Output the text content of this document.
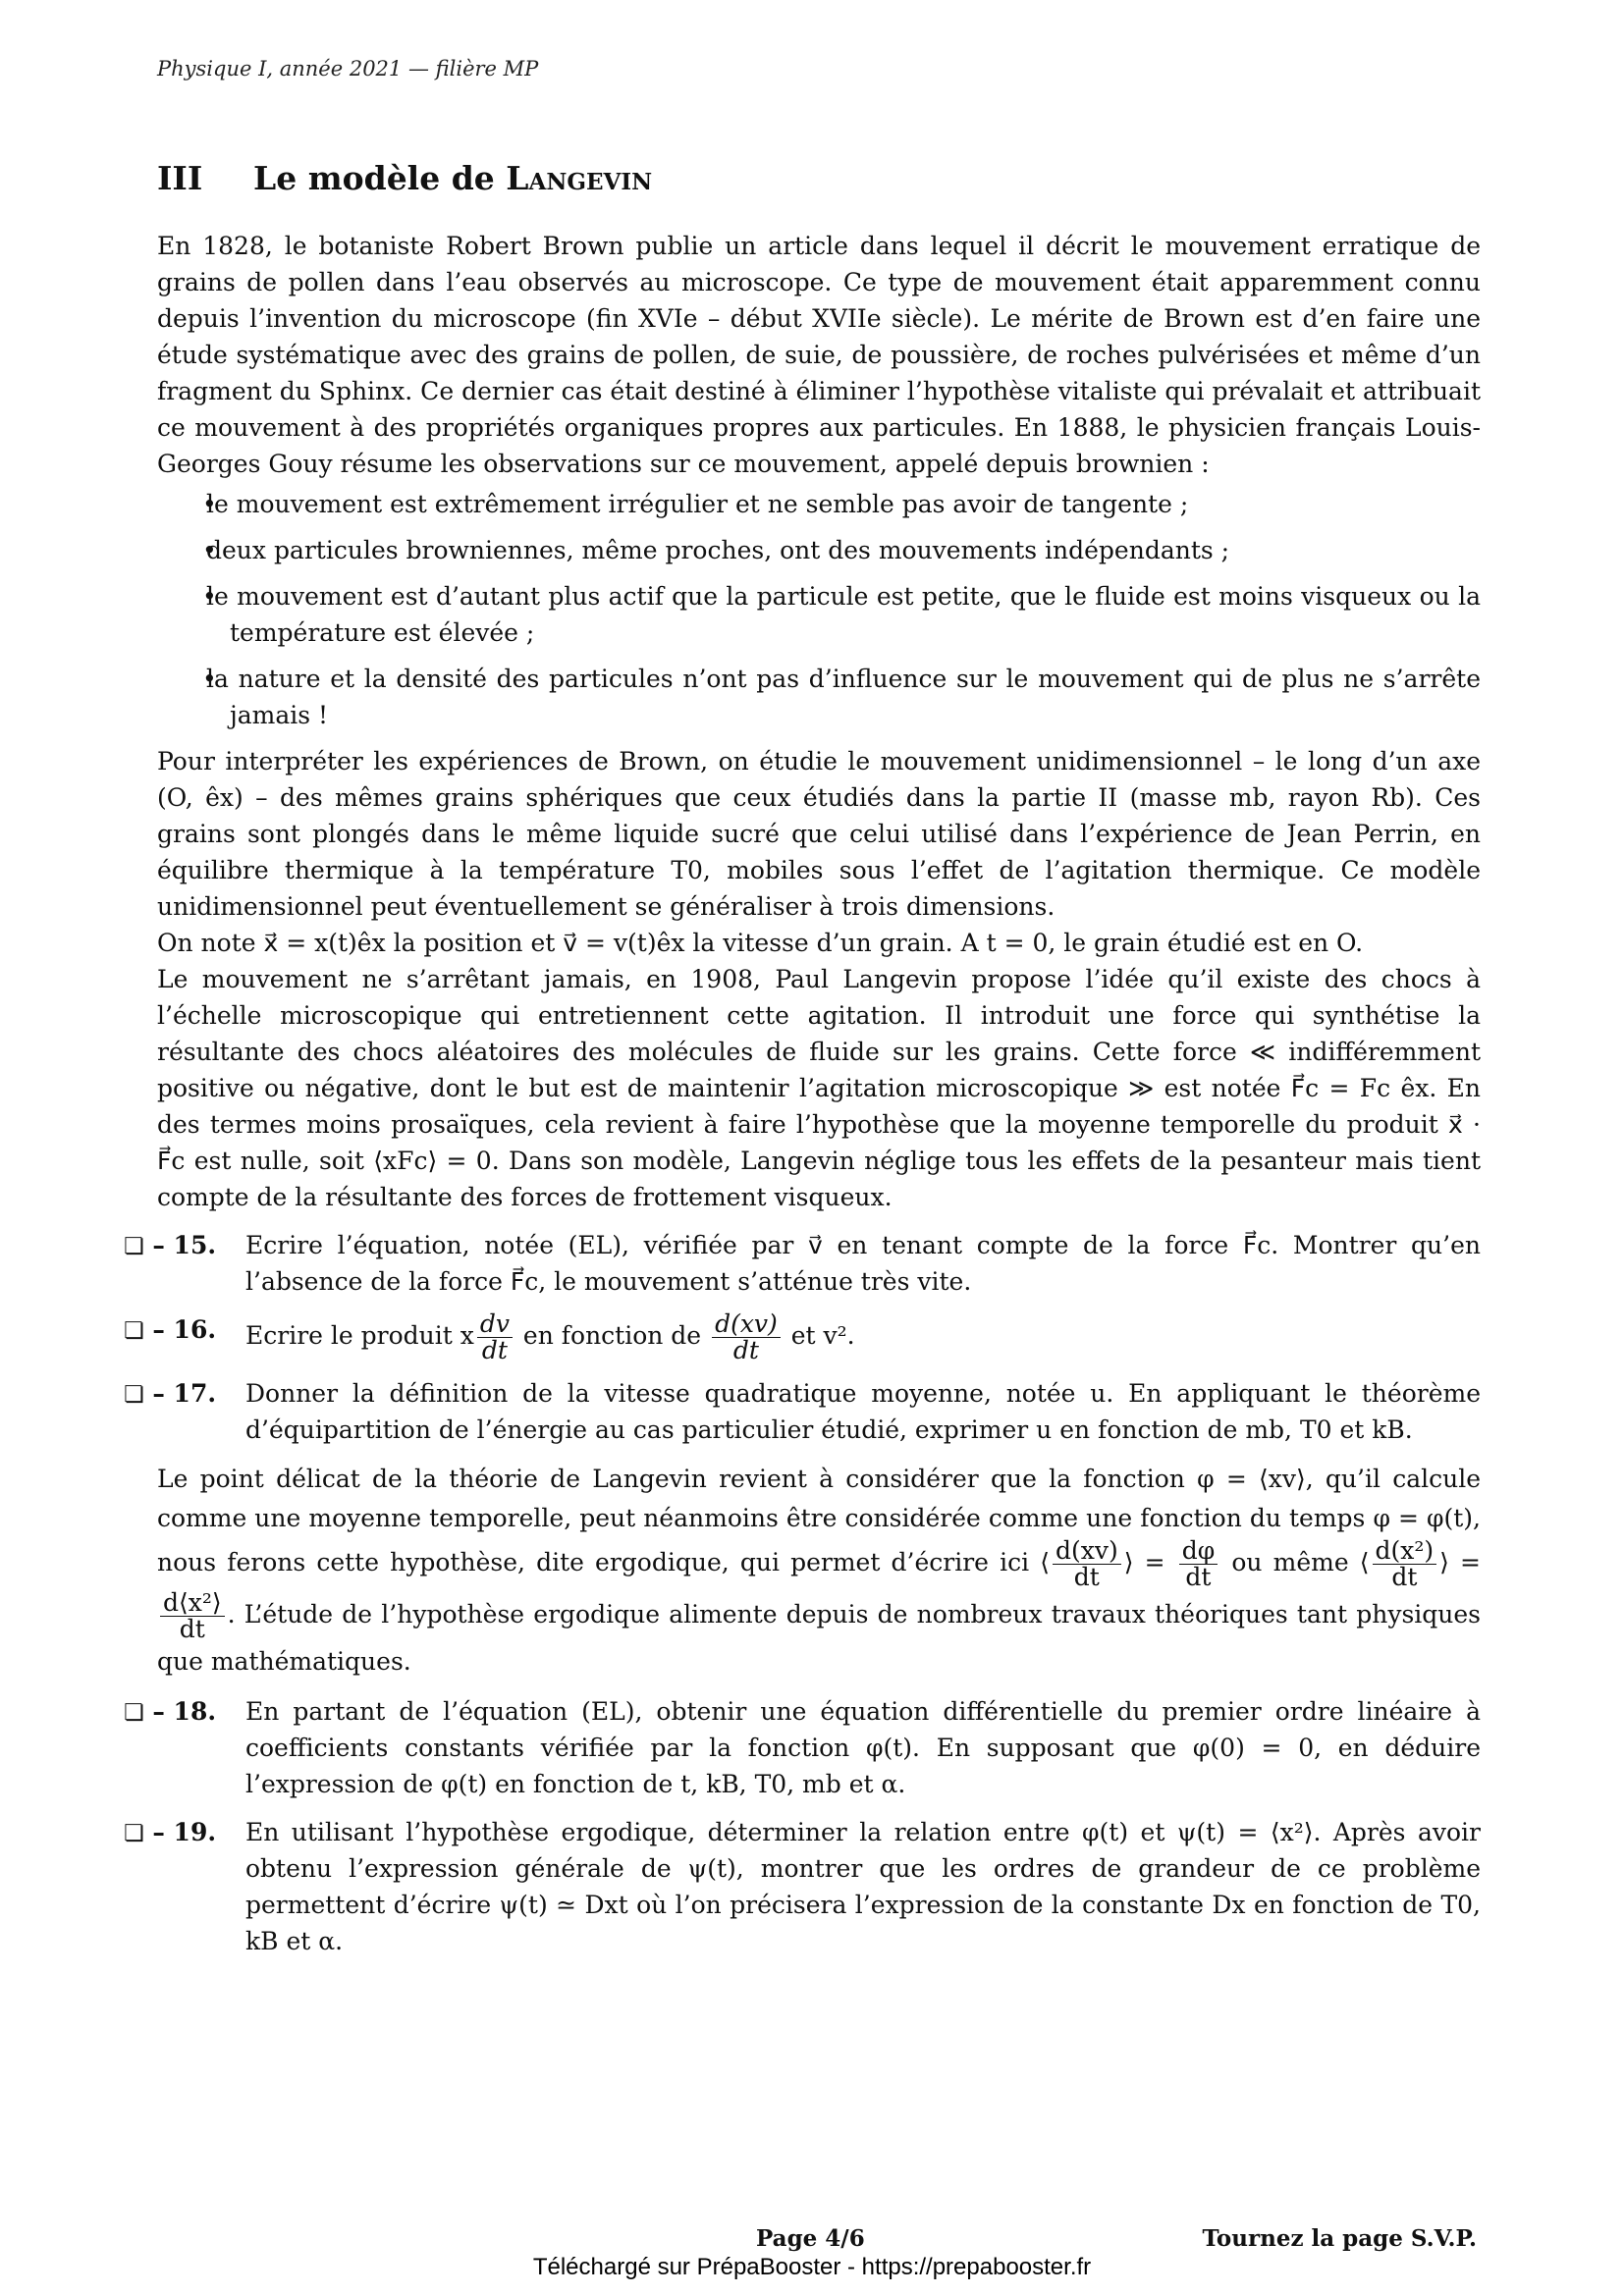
Physique I, année 2021 — filière MP
III Le modèle de Langevin

En 1828, le botaniste Robert Brown publie un article dans lequel il décrit le mouvement erratique de grains de pollen dans l’eau observés au microscope. Ce type de mouvement était apparemment connu depuis l’invention du microscope (fin XVIe – début XVIIe siècle). Le mérite de Brown est d’en faire une étude systématique avec des grains de pollen, de suie, de poussière, de roches pulvérisées et même d’un fragment du Sphinx. Ce dernier cas était destiné à éliminer l’hypothèse vitaliste qui prévalait et attribuait ce mouvement à des propriétés organiques propres aux particules. En 1888, le physicien français Louis-Georges Gouy résume les observations sur ce mouvement, appelé depuis brownien :

• le mouvement est extrêmement irrégulier et ne semble pas avoir de tangente ;
• deux particules browniennes, même proches, ont des mouvements indépendants ;
• le mouvement est d’autant plus actif que la particule est petite, que le fluide est moins visqueux ou la température est élevée ;
• la nature et la densité des particules n’ont pas d’influence sur le mouvement qui de plus ne s’arrête jamais !

Pour interpréter les expériences de Brown, on étudie le mouvement unidimensionnel – le long d’un axe (O, êx) – des mêmes grains sphériques que ceux étudiés dans la partie II (masse mb, rayon Rb). Ces grains sont plongés dans le même liquide sucré que celui utilisé dans l’expérience de Jean Perrin, en équilibre thermique à la température T0, mobiles sous l’effet de l’agitation thermique. Ce modèle unidimensionnel peut éventuellement se généraliser à trois dimensions.

On note x⃗ = x(t)êx la position et v⃗ = v(t)êx la vitesse d’un grain. A t = 0, le grain étudié est en O.

Le mouvement ne s’arrêtant jamais, en 1908, Paul Langevin propose l’idée qu’il existe des chocs à l’échelle microscopique qui entretiennent cette agitation. Il introduit une force qui synthétise la résultante des chocs aléatoires des molécules de fluide sur les grains. Cette force ≪ indifféremment positive ou négative, dont le but est de maintenir l’agitation microscopique ≫ est notée F⃗c = Fc êx. En des termes moins prosaïques, cela revient à faire l’hypothèse que la moyenne temporelle du produit x⃗ · F⃗c est nulle, soit ⟨xFc⟩ = 0. Dans son modèle, Langevin néglige tous les effets de la pesanteur mais tient compte de la résultante des forces de frottement visqueux.

❏ – 15. Ecrire l’équation, notée (EL), vérifiée par v⃗ en tenant compte de la force F⃗c. Montrer qu’en l’absence de la force F⃗c, le mouvement s’atténue très vite.
❏ – 16. Ecrire le produit x $\frac{dv}{dt}$ en fonction de $\frac{d(xv)}{dt}$ et v².
❏ – 17. Donner la définition de la vitesse quadratique moyenne, notée u. En appliquant le théorème d’équipartition de l’énergie au cas particulier étudié, exprimer u en fonction de mb, T0 et kB.

Le point délicat de la théorie de Langevin revient à considérer que la fonction φ = ⟨xv⟩, qu’il calcule comme une moyenne temporelle, peut néanmoins être considérée comme une fonction du temps φ = φ(t), nous ferons cette hypothèse, dite ergodique, qui permet d’écrire ici ⟨ $\frac{d(xv)}{dt}$ ⟩ = $\frac{d\varphi}{dt}$ ou même ⟨ $\frac{\text{d(x²)}}{dt}$ ⟩ =
$\frac{\text{d⟨x²⟩}}{dt}$ . L’étude de l’hypothèse ergodique alimente depuis de nombreux travaux théoriques tant physiques que mathématiques.

❏ – 18. En partant de l’équation (EL), obtenir une équation différentielle du premier ordre linéaire à coefficients constants vérifiée par la fonction φ(t). En supposant que φ(0) = 0, en déduire l’expression de φ(t) en fonction de t, kB, T0, mb et α.
❏ – 19. En utilisant l’hypothèse ergodique, déterminer la relation entre φ(t) et ψ(t) = ⟨x²⟩. Après avoir obtenu l’expression générale de ψ(t), montrer que les ordres de grandeur de ce problème permettent d’écrire ψ(t) ≃ Dxt où l’on précisera l’expression de la constante Dx en fonction de T0, kB et α.
Page 4/6	Tournez la page S.V.P.
Téléchargé sur PrépaBooster - https://prepabooster.fr
